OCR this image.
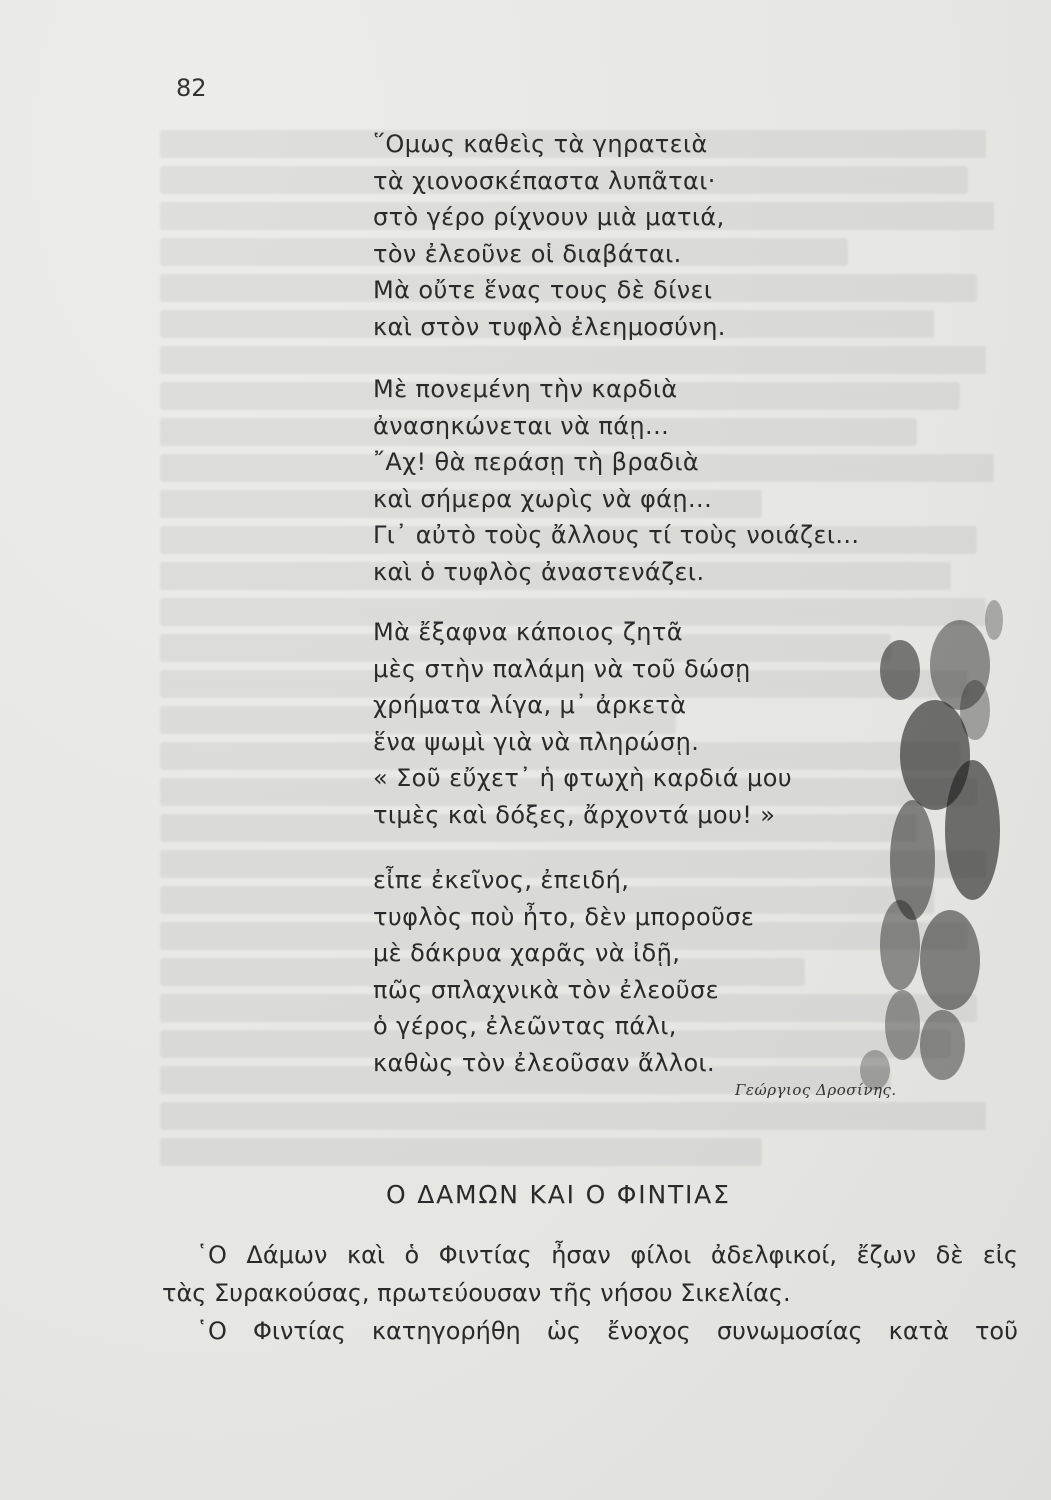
82
῞Ομως καθεὶς τὰ γηρατειὰ
τὰ χιονοσκέπαστα λυπᾶται·
στὸ γέρο ρίχνουν μιὰ ματιά,
τὸν ἐλεοῦνε οἱ διαβάται.
Μὰ οὔτε ἕνας τους δὲ δίνει
καὶ στὸν τυφλὸ ἐλεημοσύνη.
Μὲ πονεμένη τὴν καρδιὰ
ἀνασηκώνεται νὰ πάῃ...
῎Αχ! θὰ περάσῃ τὴ βραδιὰ
καὶ σήμερα χωρὶς νὰ φάῃ...
Γι᾽ αὐτὸ τοὺς ἄλλους τί τοὺς νοιάζει...
καὶ ὁ τυφλὸς ἀναστενάζει.
Μὰ ἔξαφνα κάποιος ζητᾶ
μὲς στὴν παλάμη νὰ τοῦ δώσῃ
χρήματα λίγα, μ᾽ ἀρκετὰ
ἕνα ψωμὶ γιὰ νὰ πληρώσῃ.
« Σοῦ εὔχετ᾽ ἡ φτωχὴ καρδιά μου
τιμὲς καὶ δόξες, ἄρχοντά μου! »
εἶπε ἐκεῖνος, ἐπειδή,
τυφλὸς ποὺ ἦτο, δὲν μποροῦσε
μὲ δάκρυα χαρᾶς νὰ ἰδῇ,
πῶς σπλαχνικὰ τὸν ἐλεοῦσε
ὁ γέρος, ἐλεῶντας πάλι,
καθὼς τὸν ἐλεοῦσαν ἄλλοι.
Γεώργιος Δροσίνης.
Ο ΔΑΜΩΝ ΚΑΙ Ο ΦΙΝΤΙΑΣ
῾Ο Δάμων καὶ ὁ Φιντίας ἦσαν φίλοι ἀδελφικοί, ἔζων δὲ εἰς
τὰς Συρακούσας, πρωτεύουσαν τῆς νήσου Σικελίας.
῾Ο Φιντίας κατηγορήθη ὡς ἔνοχος συνωμοσίας κατὰ τοῦ
